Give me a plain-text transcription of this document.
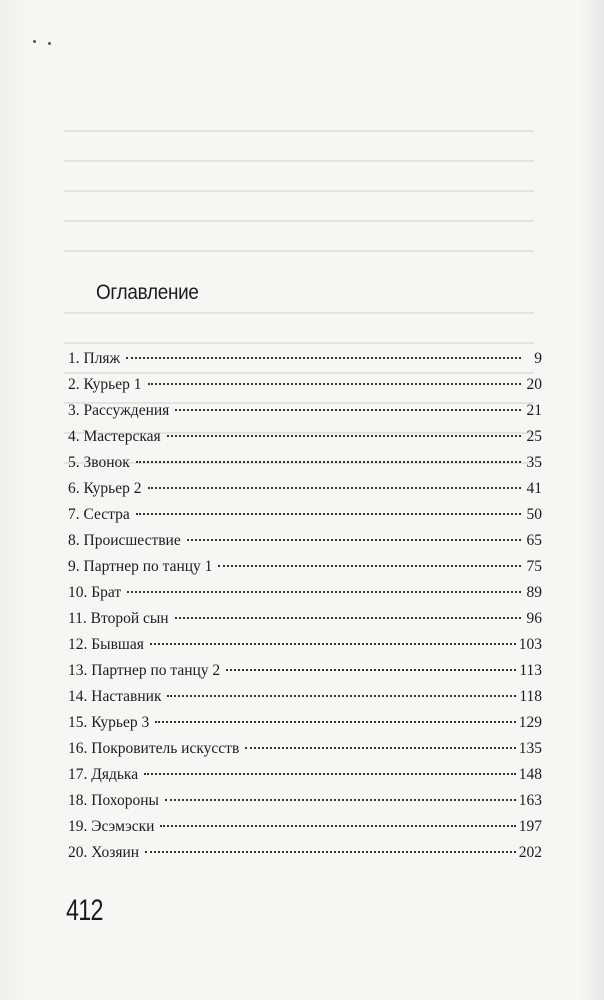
Оглавление
1. Пляж	9
2. Курьер 1	20
3. Рассуждения	21
4. Мастерская	25
5. Звонок	35
6. Курьер 2	41
7. Сестра	50
8. Происшествие	65
9. Партнер по танцу 1	75
10. Брат	89
11. Второй сын	96
12. Бывшая	103
13. Партнер по танцу 2	113
14. Наставник	118
15. Курьер 3	129
16. Покровитель искусств	135
17. Дядька	148
18. Похороны	163
19. Эсэмэски	197
20. Хозяин	202
412
